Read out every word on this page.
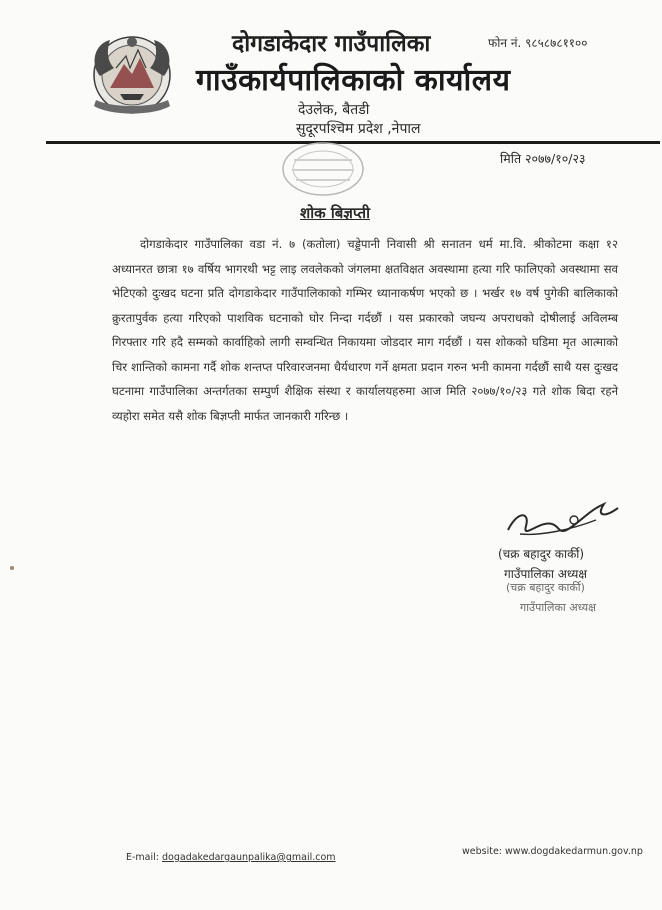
दोगडाकेदार गाउँपालिका	फोन नं. ९८५८७८११००
गाउँकार्यपालिकाको कार्यालय
देउलेक, बैतडी
सुदूरपश्चिम प्रदेश ,नेपाल
मिति २०७७/१०/२३
शोक बिज्ञप्ती

दोगडाकेदार गाउँपालिका वडा नं. ७ (कतोला) चड्डेपानी निवासी श्री सनातन धर्म मा.वि. श्रीकोटमा कक्षा १२ अध्यानरत छात्रा १७ वर्षिय भागरथी भट्ट लाइ लवलेकको जंगलमा क्षतविक्षत अवस्थामा हत्या गरि फालिएको अवस्थामा सव भेटिएको दुःखद घटना प्रति दोगडाकेदार गाउँपालिकाको गम्भिर ध्यानाकर्षण भएको छ । भर्खर १७ वर्ष पुगेकी बालिकाको क्रुरतापुर्वक हत्या गरिएको पाशविक घटनाको घोर निन्दा गर्दछौं । यस प्रकारको जघन्य अपराधको दोषीलाई अविलम्ब गिरफ्तार गरि हदै सम्मको कार्वाहिको लागी सम्वन्धित निकायमा जोडदार माग गर्दछौं । यस शोकको घडिमा मृत आत्माको चिर शान्तिको कामना गर्दै शोक शन्तप्त परिवारजनमा धैर्यधारण गर्ने क्षमता प्रदान गरुन भनी कामना गर्दछौं साथै यस दुःखद घटनामा गाउँपालिका अन्तर्गतका सम्पुर्ण शैक्षिक संस्था र कार्यालयहरुमा आज मिति २०७७/१०/२३ गते शोक बिदा रहने व्यहोरा समेत यसै शोक बिज्ञप्ती मार्फत जानकारी गरिन्छ ।

(चक्र बहादुर कार्की)
गाउँपालिका अध्यक्ष
(चक्र बहादुर कार्की)
गाउँपालिका अध्यक्ष
E-mail: dogadakedargaunpalika@gmail.com
website: www.dogdakedarmun.gov.np
